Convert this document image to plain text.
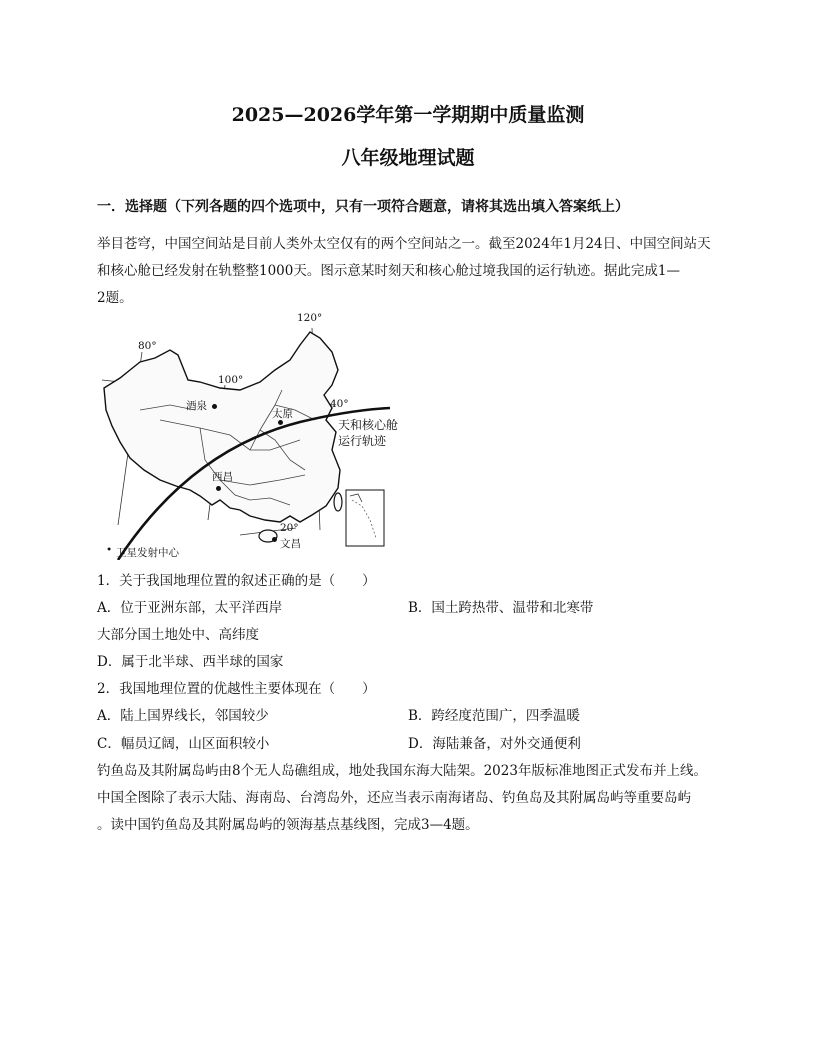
2025—2026学年第一学期期中质量监测
八年级地理试题
一．选择题（下列各题的四个选项中，只有一项符合题意，请将其选出填入答案纸上）
举目苍穹，中国空间站是目前人类外太空仅有的两个空间站之一。截至2024年1月24日、中国空间站天
和核心舱已经发射在轨整整1000天。图示意某时刻天和核心舱过境我国的运行轨迹。据此完成1—
2题。
80°
100°
120°
40°
20°
酒泉
太原
西昌
文昌
天和核心舱
运行轨迹
• 卫星发射中心
1．关于我国地理位置的叙述正确的是（　　）
A．位于亚洲东部，太平洋西岸	B．国土跨热带、温带和北寒带
大部分国土地处中、高纬度
D．属于北半球、西半球的国家
2．我国地理位置的优越性主要体现在（　　）
A．陆上国界线长，邻国较少	B．跨经度范围广，四季温暖
C．幅员辽阔，山区面积较小	D．海陆兼备，对外交通便利
钓鱼岛及其附属岛屿由8个无人岛礁组成，地处我国东海大陆架。2023年版标准地图正式发布并上线。
中国全图除了表示大陆、海南岛、台湾岛外，还应当表示南海诸岛、钓鱼岛及其附属岛屿等重要岛屿
。读中国钓鱼岛及其附属岛屿的领海基点基线图，完成3—4题。
